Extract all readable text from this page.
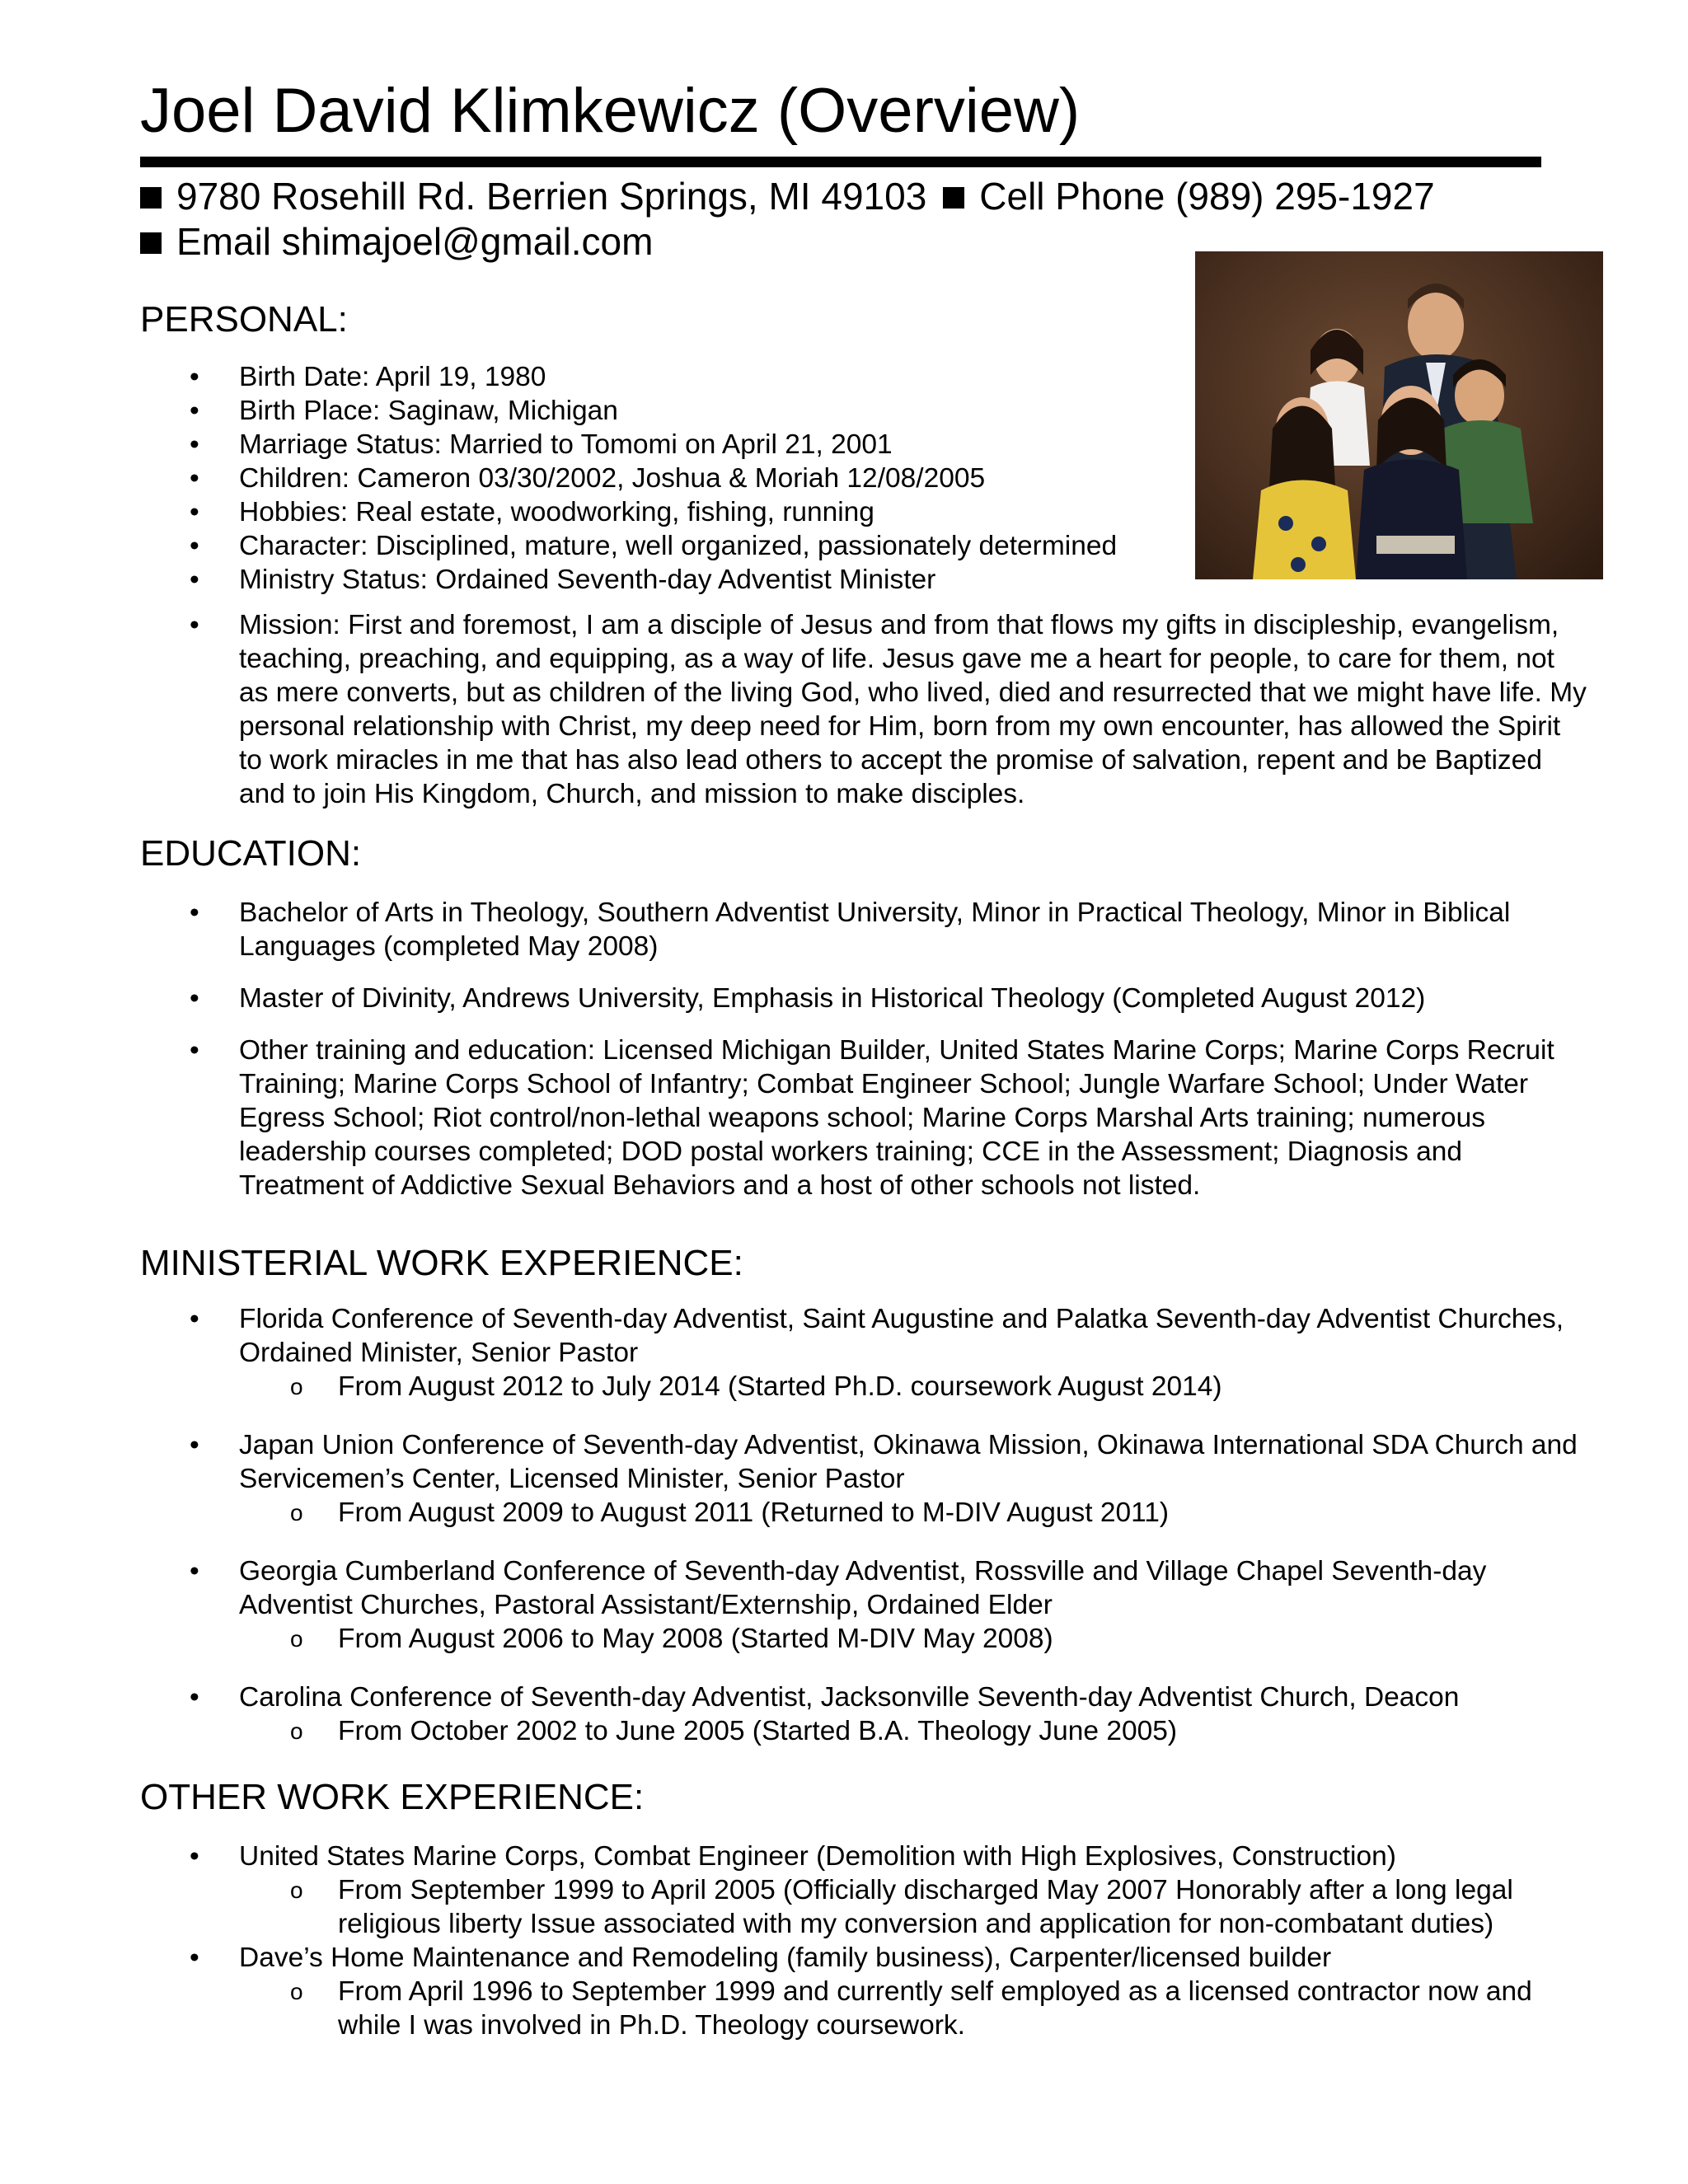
Joel David Klimkewicz (Overview)
9780 Rosehill Rd. Berrien Springs, MI 49103 Cell Phone (989) 295-1927
Email shimajoel@gmail.com
PERSONAL:
• Birth Date: April 19, 1980
• Birth Place: Saginaw, Michigan
• Marriage Status: Married to Tomomi on April 21, 2001
• Children: Cameron 03/30/2002, Joshua & Moriah 12/08/2005
• Hobbies: Real estate, woodworking, fishing, running
• Character: Disciplined, mature, well organized, passionately determined
• Ministry Status: Ordained Seventh-day Adventist Minister
• Mission: First and foremost, I am a disciple of Jesus and from that flows my gifts in discipleship, evangelism, teaching, preaching, and equipping, as a way of life. Jesus gave me a heart for people, to care for them, not as mere converts, but as children of the living God, who lived, died and resurrected that we might have life. My personal relationship with Christ, my deep need for Him, born from my own encounter, has allowed the Spirit to work miracles in me that has also lead others to accept the promise of salvation, repent and be Baptized and to join His Kingdom, Church, and mission to make disciples.
EDUCATION:
• Bachelor of Arts in Theology, Southern Adventist University, Minor in Practical Theology, Minor in Biblical Languages (completed May 2008)
• Master of Divinity, Andrews University, Emphasis in Historical Theology (Completed August 2012)
• Other training and education: Licensed Michigan Builder, United States Marine Corps; Marine Corps Recruit Training; Marine Corps School of Infantry; Combat Engineer School; Jungle Warfare School; Under Water Egress School; Riot control/non-lethal weapons school; Marine Corps Marshal Arts training; numerous leadership courses completed; DOD postal workers training; CCE in the Assessment; Diagnosis and Treatment of Addictive Sexual Behaviors and a host of other schools not listed.
MINISTERIAL WORK EXPERIENCE:
• Florida Conference of Seventh-day Adventist, Saint Augustine and Palatka Seventh-day Adventist Churches, Ordained Minister, Senior Pastor
o From August 2012 to July 2014 (Started Ph.D. coursework August 2014)
• Japan Union Conference of Seventh-day Adventist, Okinawa Mission, Okinawa International SDA Church and Servicemen’s Center, Licensed Minister, Senior Pastor
o From August 2009 to August 2011 (Returned to M-DIV August 2011)
• Georgia Cumberland Conference of Seventh-day Adventist, Rossville and Village Chapel Seventh-day Adventist Churches, Pastoral Assistant/Externship, Ordained Elder
o From August 2006 to May 2008 (Started M-DIV May 2008)
• Carolina Conference of Seventh-day Adventist, Jacksonville Seventh-day Adventist Church, Deacon
o From October 2002 to June 2005 (Started B.A. Theology June 2005)
OTHER WORK EXPERIENCE:
• United States Marine Corps, Combat Engineer (Demolition with High Explosives, Construction)
o From September 1999 to April 2005 (Officially discharged May 2007 Honorably after a long legal religious liberty Issue associated with my conversion and application for non-combatant duties)
• Dave’s Home Maintenance and Remodeling (family business), Carpenter/licensed builder
o From April 1996 to September 1999 and currently self employed as a licensed contractor now and while I was involved in Ph.D. Theology coursework.
